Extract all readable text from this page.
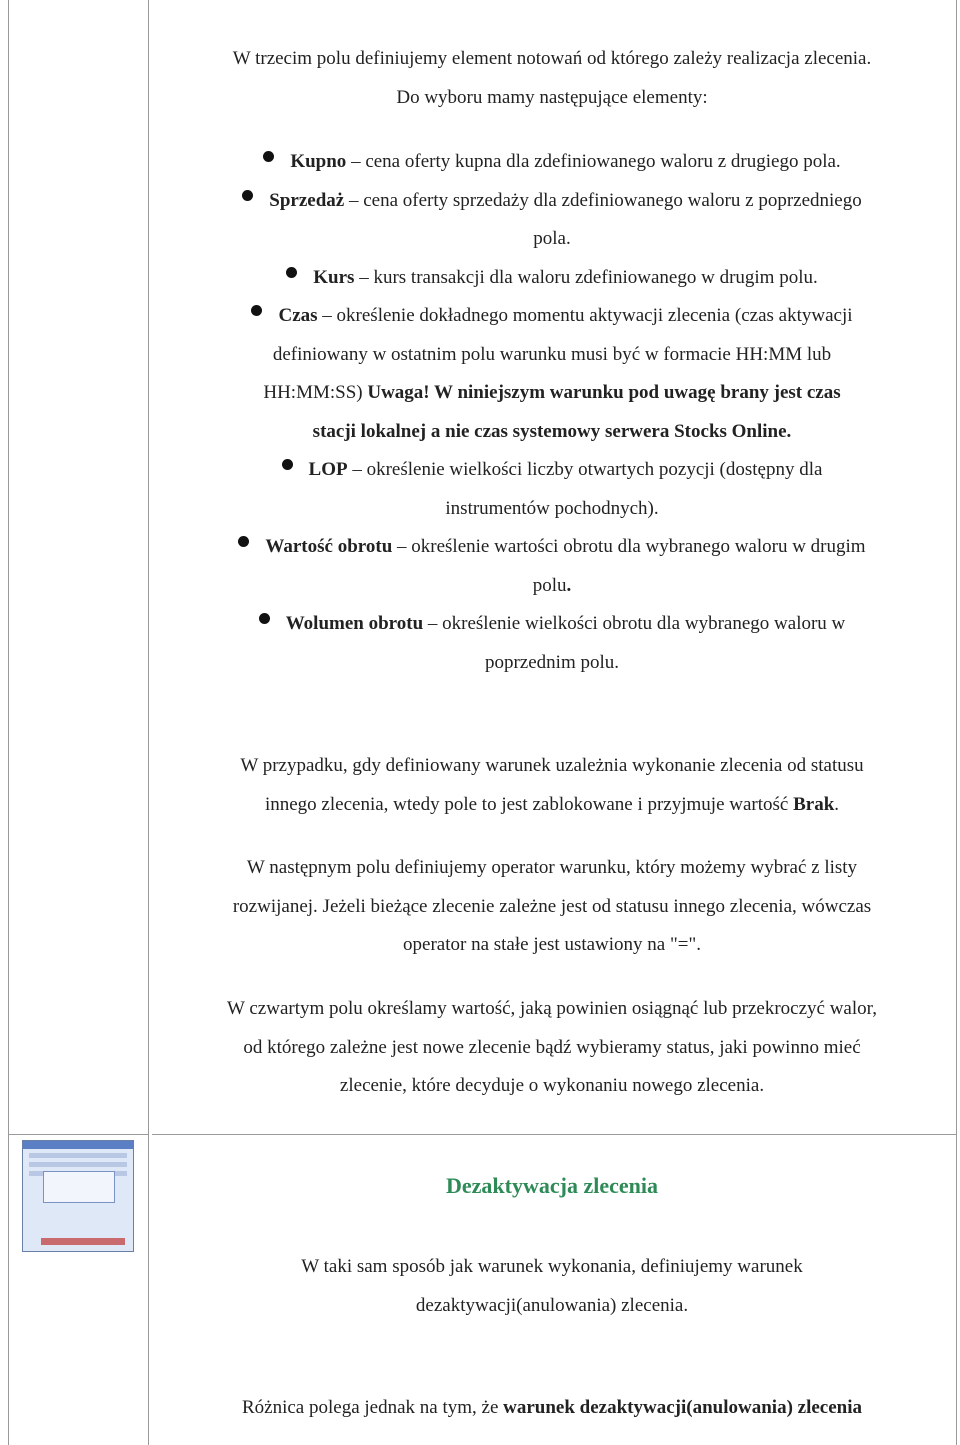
W trzecim polu definiujemy element notowań od którego zależy realizacja zlecenia.
Do wyboru mamy następujące elementy:
Kupno – cena oferty kupna dla zdefiniowanego waloru z drugiego pola.
Sprzedaż – cena oferty sprzedaży dla zdefiniowanego waloru z poprzedniego
pola.
Kurs – kurs transakcji dla waloru zdefiniowanego w drugim polu.
Czas – określenie dokładnego momentu aktywacji zlecenia (czas aktywacji
definiowany w ostatnim polu warunku musi być w formacie HH:MM lub
HH:MM:SS) Uwaga! W niniejszym warunku pod uwagę brany jest czas
stacji lokalnej a nie czas systemowy serwera Stocks Online.
LOP – określenie wielkości liczby otwartych pozycji (dostępny dla
instrumentów pochodnych).
Wartość obrotu – określenie wartości obrotu dla wybranego waloru w drugim
polu.
Wolumen obrotu – określenie wielkości obrotu dla wybranego waloru w
poprzednim polu.
W przypadku, gdy definiowany warunek uzależnia wykonanie zlecenia od statusu
innego zlecenia, wtedy pole to jest zablokowane i przyjmuje wartość Brak.
W następnym polu definiujemy operator warunku, który możemy wybrać z listy
rozwijanej. Jeżeli bieżące zlecenie zależne jest od statusu innego zlecenia, wówczas
operator na stałe jest ustawiony na "=".
W czwartym polu określamy wartość, jaką powinien osiągnąć lub przekroczyć walor,
od którego zależne jest nowe zlecenie bądź wybieramy status, jaki powinno mieć
zlecenie, które decyduje o wykonaniu nowego zlecenia.
Dezaktywacja zlecenia
W taki sam sposób jak warunek wykonania, definiujemy warunek
dezaktywacji(anulowania) zlecenia.
Różnica polega jednak na tym, że warunek dezaktywacji(anulowania) zlecenia
